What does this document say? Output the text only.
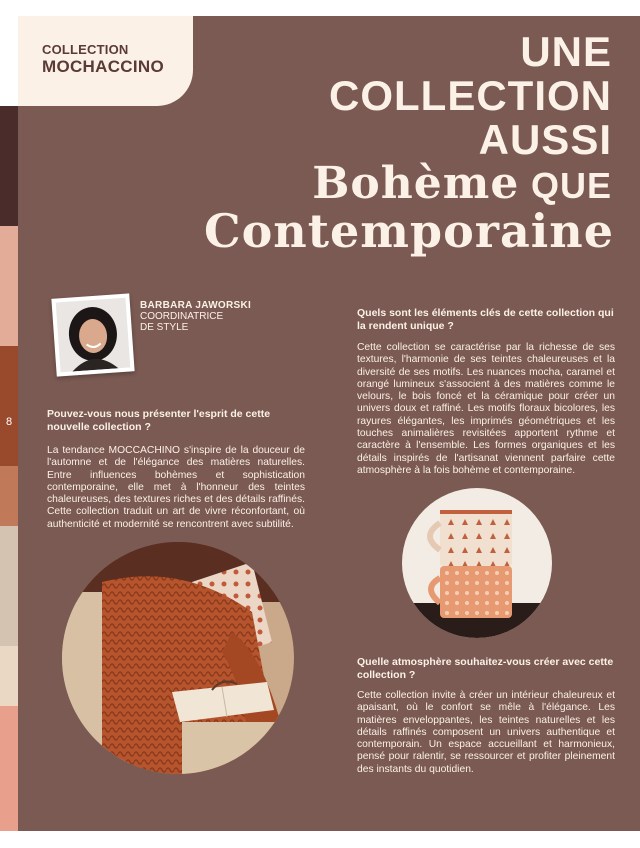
8
COLLECTION
MOCHACCINO	UNE
COLLECTION
AUSSI
Bohème QUE
Contemporaine
BARBARA JAWORSKI
COORDINATRICE
DE STYLE
Pouvez-vous nous présenter l'esprit de cette nouvelle collection ?
La tendance MOCCACHINO s'inspire de la douceur de l'automne et de l'élégance des matières naturelles. Entre influences bohèmes et sophistication contemporaine, elle met à l'honneur des teintes chaleureuses, des textures riches et des détails raffinés. Cette collection traduit un art de vivre réconfortant, où authenticité et modernité se rencontrent avec subtilité.
Quels sont les éléments clés de cette collection qui la rendent unique ?
Cette collection se caractérise par la richesse de ses textures, l'harmonie de ses teintes chaleureuses et la diversité de ses motifs. Les nuances mocha, caramel et orangé lumineux s'associent à des matières comme le velours, le bois foncé et la céramique pour créer un univers doux et raffiné. Les motifs floraux bicolores, les rayures élégantes, les imprimés géométriques et les touches animalières revisitées apportent rythme et caractère à l'ensemble. Les formes organiques et les détails inspirés de l'artisanat viennent parfaire cette atmosphère à la fois bohème et contemporaine.
Quelle atmosphère souhaitez-vous créer avec cette collection ?
Cette collection invite à créer un intérieur chaleureux et apaisant, où le confort se mêle à l'élégance. Les matières enveloppantes, les teintes naturelles et les détails raffinés composent un univers authentique et contemporain. Un espace accueillant et harmonieux, pensé pour ralentir, se ressourcer et profiter pleinement des instants du quotidien.
